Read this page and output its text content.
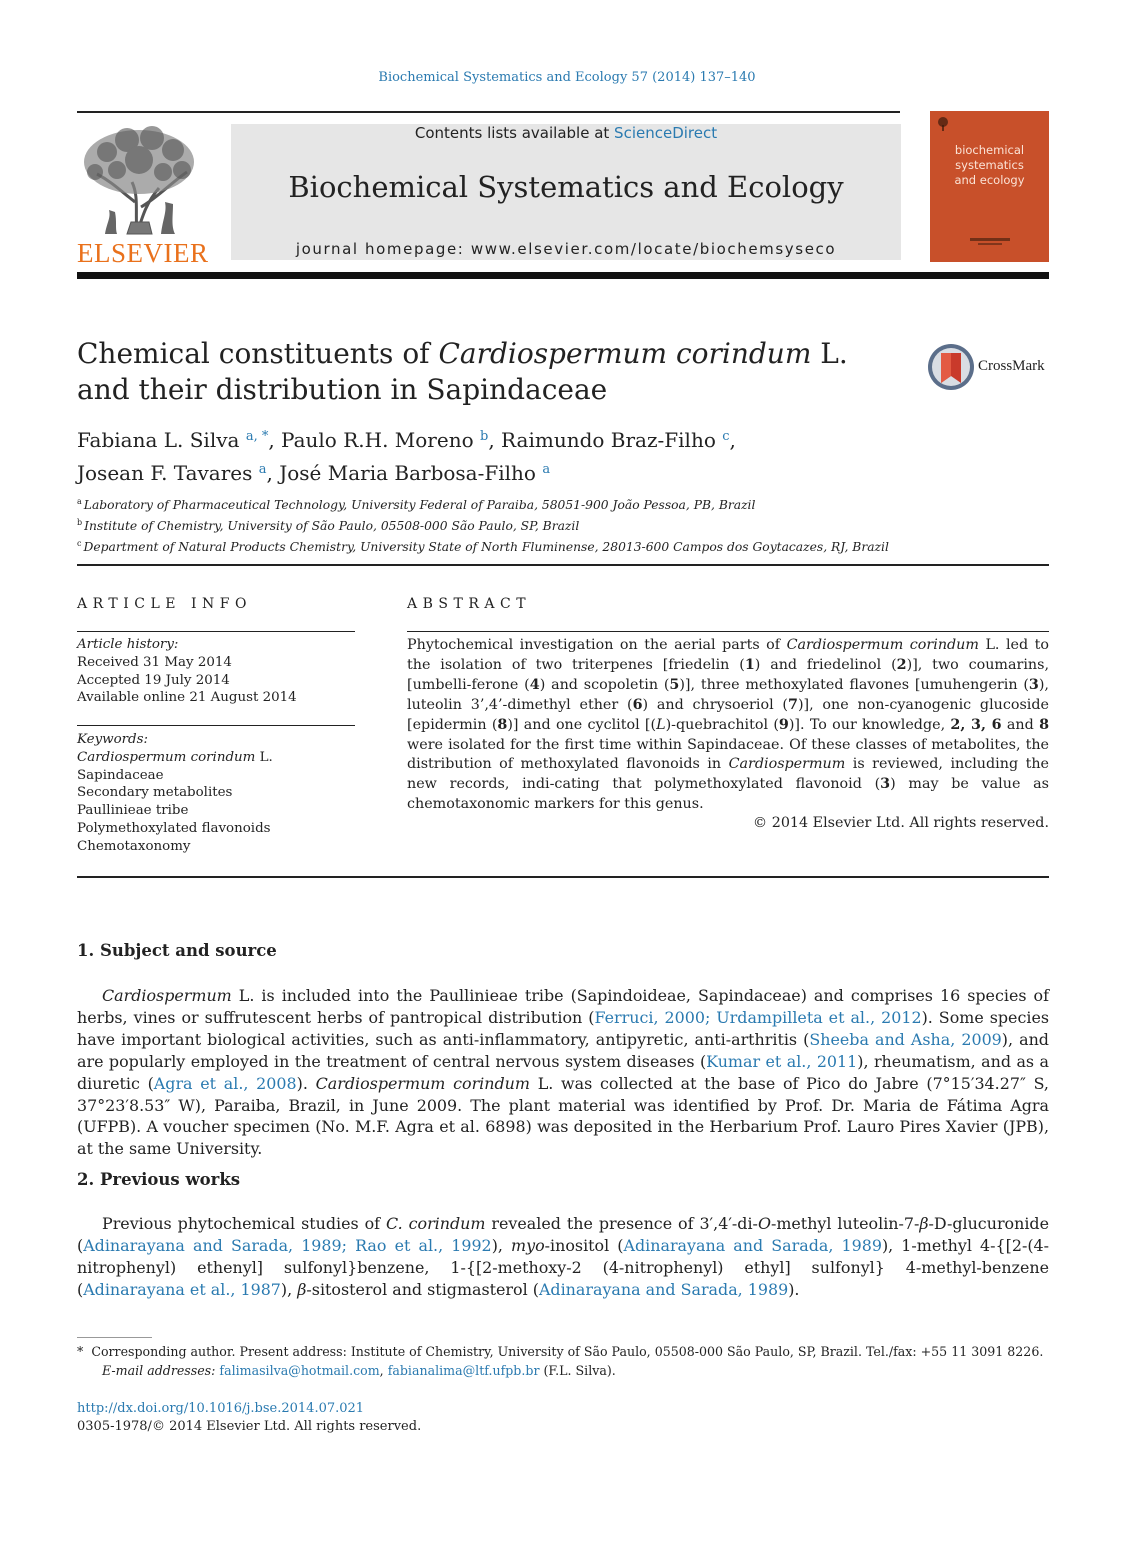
Biochemical Systematics and Ecology 57 (2014) 137–140
ELSEVIER
Contents lists available at ScienceDirect
Biochemical Systematics and Ecology
journal homepage: www.elsevier.com/locate/biochemsyseco
biochemical
systematics
and ecology
Chemical constituents of Cardiospermum corindum L. and their distribution in Sapindaceae
CrossMark
Fabiana L. Silva $^{a, *}$, Paulo R.H. Moreno $^b$, Raimundo Braz-Filho $^c$,
Josean F. Tavares $^a$, José Maria Barbosa-Filho $^a$
$^a$ Laboratory of Pharmaceutical Technology, University Federal of Paraiba, 58051-900 João Pessoa, PB, Brazil
$^b$ Institute of Chemistry, University of São Paulo, 05508-000 São Paulo, SP, Brazil
$^c$ Department of Natural Products Chemistry, University State of North Fluminense, 28013-600 Campos dos Goytacazes, RJ, Brazil
ARTICLE INFO
Article history:
Received 31 May 2014
Accepted 19 July 2014
Available online 21 August 2014
Keywords:
Cardiospermum corindum L.
Sapindaceae
Secondary metabolites
Paullinieae tribe
Polymethoxylated flavonoids
Chemotaxonomy
ABSTRACT
Phytochemical investigation on the aerial parts of Cardiospermum corindum L. led to the isolation of two triterpenes [friedelin (1) and friedelinol (2)], two coumarins, [umbelli-ferone (4) and scopoletin (5)], three methoxylated flavones [umuhengerin (3), luteolin 3’,4’-dimethyl ether (6) and chrysoeriol (7)], one non-cyanogenic glucoside [epidermin (8)] and one cyclitol [(L)-quebrachitol (9)]. To our knowledge, 2, 3, 6 and 8 were isolated for the first time within Sapindaceae. Of these classes of metabolites, the distribution of methoxylated flavonoids in Cardiospermum is reviewed, including the new records, indi-cating that polymethoxylated flavonoid (3) may be value as chemotaxonomic markers for this genus.
© 2014 Elsevier Ltd. All rights reserved.
1. Subject and source
Cardiospermum L. is included into the Paullinieae tribe (Sapindoideae, Sapindaceae) and comprises 16 species of herbs, vines or suffrutescent herbs of pantropical distribution (Ferruci, 2000; Urdampilleta et al., 2012). Some species have important biological activities, such as anti-inflammatory, antipyretic, anti-arthritis (Sheeba and Asha, 2009), and are popularly employed in the treatment of central nervous system diseases (Kumar et al., 2011), rheumatism, and as a diuretic (Agra et al., 2008). Cardiospermum corindum L. was collected at the base of Pico do Jabre (7°15′34.27″ S, 37°23′8.53″ W), Paraiba, Brazil, in June 2009. The plant material was identified by Prof. Dr. Maria de Fátima Agra (UFPB). A voucher specimen (No. M.F. Agra et al. 6898) was deposited in the Herbarium Prof. Lauro Pires Xavier (JPB), at the same University.
2. Previous works
Previous phytochemical studies of C. corindum revealed the presence of 3′,4′-di-O-methyl luteolin-7-β-D-glucuronide (Adinarayana and Sarada, 1989; Rao et al., 1992), myo-inositol (Adinarayana and Sarada, 1989), 1-methyl 4-{[2-(4-nitrophenyl) ethenyl] sulfonyl}benzene, 1-{[2-methoxy-2 (4-nitrophenyl) ethyl] sulfonyl} 4-methyl-benzene (Adinarayana et al., 1987), β-sitosterol and stigmasterol (Adinarayana and Sarada, 1989).
*  Corresponding author. Present address: Institute of Chemistry, University of São Paulo, 05508-000 São Paulo, SP, Brazil. Tel./fax: +55 11 3091 8226.
E-mail addresses: falimasilva@hotmail.com, fabianalima@ltf.ufpb.br (F.L. Silva).
http://dx.doi.org/10.1016/j.bse.2014.07.021
0305-1978/© 2014 Elsevier Ltd. All rights reserved.
